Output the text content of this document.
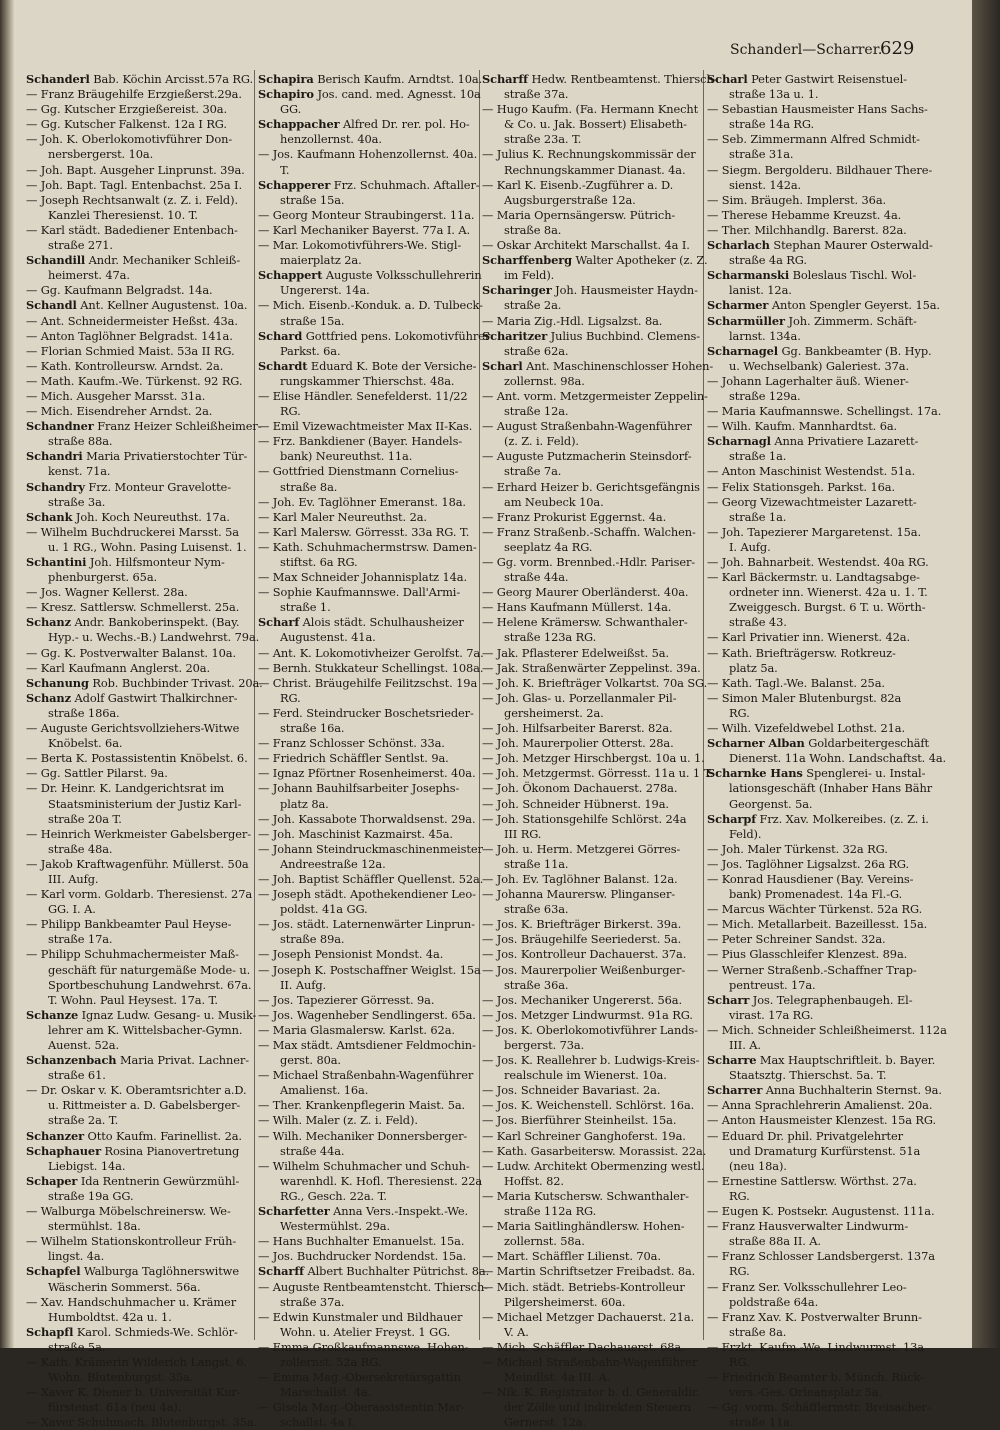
Schanderl—Scharrer.
629
Schanderl Bab. Köchin Arcisst.57a RG.
— Franz Bräugehilfe Erzgießerst.29a.
— Gg. Kutscher Erzgießereist. 30a.
— Gg. Kutscher Falkenst. 12a I RG.
— Joh. K. Oberlokomotivführer Don-
nersbergerst. 10a.
— Joh. Bapt. Ausgeher Linprunst. 39a.
— Joh. Bapt. Tagl. Entenbachst. 25a I.
— Joseph Rechtsanwalt (z. Z. i. Feld).
Kanzlei Theresienst. 10. T.
— Karl städt. Badediener Entenbach-
straße 271.
Schandill Andr. Mechaniker Schleiß-
heimerst. 47a.
— Gg. Kaufmann Belgradst. 14a.
Schandl Ant. Kellner Augustenst. 10a.
— Ant. Schneidermeister Heßst. 43a.
— Anton Taglöhner Belgradst. 141a.
— Florian Schmied Maist. 53a II RG.
— Kath. Kontrolleursw. Arndst. 2a.
— Math. Kaufm.-We. Türkenst. 92 RG.
— Mich. Ausgeher Marsst. 31a.
— Mich. Eisendreher Arndst. 2a.
Schandner Franz Heizer Schleißheimer-
straße 88a.
Schandri Maria Privatierstochter Tür-
kenst. 71a.
Schandry Frz. Monteur Gravelotte-
straße 3a.
Schank Joh. Koch Neureuthst. 17a.
— Wilhelm Buchdruckerei Marsst. 5a
u. 1 RG., Wohn. Pasing Luisenst. 1.
Schantini Joh. Hilfsmonteur Nym-
phenburgerst. 65a.
— Jos. Wagner Kellerst. 28a.
— Kresz. Sattlersw. Schmellerst. 25a.
Schanz Andr. Bankoberinspekt. (Bay.
Hyp.- u. Wechs.-B.) Landwehrst. 79a.
— Gg. K. Postverwalter Balanst. 10a.
— Karl Kaufmann Anglerst. 20a.
Schanung Rob. Buchbinder Trivast. 20a.
Schanz Adolf Gastwirt Thalkirchner-
straße 186a.
— Auguste Gerichtsvollziehers-Witwe
Knöbelst. 6a.
— Berta K. Postassistentin Knöbelst. 6.
— Gg. Sattler Pilarst. 9a.
— Dr. Heinr. K. Landgerichtsrat im
Staatsministerium der Justiz Karl-
straße 20a T.
— Heinrich Werkmeister Gabelsberger-
straße 48a.
— Jakob Kraftwagenführ. Müllerst. 50a
III. Aufg.
— Karl vorm. Goldarb. Theresienst. 27a
GG. I. A.
— Philipp Bankbeamter Paul Heyse-
straße 17a.
— Philipp Schuhmachermeister Maß-
geschäft für naturgemäße Mode- u.
Sportbeschuhung Landwehrst. 67a.
T. Wohn. Paul Heysest. 17a. T.
Schanze Ignaz Ludw. Gesang- u. Musik-
lehrer am K. Wittelsbacher-Gymn.
Auenst. 52a.
Schanzenbach Maria Privat. Lachner-
straße 61.
— Dr. Oskar v. K. Oberamtsrichter a.D.
u. Rittmeister a. D. Gabelsberger-
straße 2a. T.
Schanzer Otto Kaufm. Farinellist. 2a.
Schaphauer Rosina Pianovertretung
Liebigst. 14a.
Schaper Ida Rentnerin Gewürzmühl-
straße 19a GG.
— Walburga Möbelschreinersw. We-
stermühlst. 18a.
— Wilhelm Stationskontrolleur Früh-
lingst. 4a.
Schapfel Walburga Taglöhnerswitwe
Wäscherin Sommerst. 56a.
— Xav. Handschuhmacher u. Krämer
Humboldtst. 42a u. 1.
Schapfl Karol. Schmieds-We. Schlör-
straße 5a.
— Kath. Krämerin Wilderich Langst. 6.
Wohn. Blutenburgst. 35a.
— Xaver K. Diener b. Universität Kur-
fürstenst. 61a (neu 4a).
— Xaver Schuhmach. Blutenburgst. 35a.
Schapira Berisch Kaufm. Arndtst. 10a.
Schapiro Jos. cand. med. Agnesst. 10a
GG.
Schappacher Alfred Dr. rer. pol. Ho-
henzollernst. 40a.
— Jos. Kaufmann Hohenzollernst. 40a.
T.
Schapperer Frz. Schuhmach. Aftaller-
straße 15a.
— Georg Monteur Straubingerst. 11a.
— Karl Mechaniker Bayerst. 77a I. A.
— Mar. Lokomotivführers-We. Stigl-
maierplatz 2a.
Schappert Auguste Volksschullehrerin
Ungererst. 14a.
— Mich. Eisenb.-Konduk. a. D. Tulbeck-
straße 15a.
Schard Gottfried pens. Lokomotivführer
Parkst. 6a.
Schardt Eduard K. Bote der Versiche-
rungskammer Thierschst. 48a.
— Elise Händler. Senefelderst. 11/22
RG.
— Emil Vizewachtmeister Max II-Kas.
— Frz. Bankdiener (Bayer. Handels-
bank) Neureuthst. 11a.
— Gottfried Dienstmann Cornelius-
straße 8a.
— Joh. Ev. Taglöhner Emeranst. 18a.
— Karl Maler Neureuthst. 2a.
— Karl Malersw. Görresst. 33a RG. T.
— Kath. Schuhmachermstrsw. Damen-
stiftst. 6a RG.
— Max Schneider Johannisplatz 14a.
— Sophie Kaufmannswe. Dall'Armi-
straße 1.
Scharf Alois städt. Schulhausheizer
Augustenst. 41a.
— Ant. K. Lokomotivheizer Gerolfst. 7a.
— Bernh. Stukkateur Schellingst. 108a.
— Christ. Bräugehilfe Feilitzschst. 19a
RG.
— Ferd. Steindrucker Boschetsrieder-
straße 16a.
— Franz Schlosser Schönst. 33a.
— Friedrich Schäffler Sentlst. 9a.
— Ignaz Pförtner Rosenheimerst. 40a.
— Johann Bauhilfsarbeiter Josephs-
platz 8a.
— Joh. Kassabote Thorwaldsenst. 29a.
— Joh. Maschinist Kazmairst. 45a.
— Johann Steindruckmaschinenmeister
Andreestraße 12a.
— Joh. Baptist Schäffler Quellenst. 52a.
— Joseph städt. Apothekendiener Leo-
poldst. 41a GG.
— Jos. städt. Laternenwärter Linprun-
straße 89a.
— Joseph Pensionist Mondst. 4a.
— Joseph K. Postschaffner Weiglst. 15a
II. Aufg.
— Jos. Tapezierer Görresst. 9a.
— Jos. Wagenheber Sendlingerst. 65a.
— Maria Glasmalersw. Karlst. 62a.
— Max städt. Amtsdiener Feldmochin-
gerst. 80a.
— Michael Straßenbahn-Wagenführer
Amalienst. 16a.
— Ther. Krankenpflegerin Maist. 5a.
— Wilh. Maler (z. Z. i. Feld).
— Wilh. Mechaniker Donnersberger-
straße 44a.
— Wilhelm Schuhmacher und Schuh-
warenhdl. K. Hofl. Theresienst. 22a
RG., Gesch. 22a. T.
Scharfetter Anna Vers.-Inspekt.-We.
Westermühlst. 29a.
— Hans Buchhalter Emanuelst. 15a.
— Jos. Buchdrucker Nordendst. 15a.
Scharff Albert Buchhalter Pütrichst. 8a.
— Auguste Rentbeamtenstcht. Thiersch-
straße 37a.
— Edwin Kunstmaler und Bildhauer
Wohn. u. Atelier Freyst. 1 GG.
— Emma Großkaufmannswe. Hohen-
zollernst. 52a RG.
— Emma Mag.-Obersekretärsgattin
Marschallst. 4a.
— Gisela Mag.-Oberassistentin Mar-
schallst. 4a I.
Scharff Hedw. Rentbeamtenst. Thiersch-
straße 37a.
— Hugo Kaufm. (Fa. Hermann Knecht
& Co. u. Jak. Bossert) Elisabeth-
straße 23a. T.
— Julius K. Rechnungskommissär der
Rechnungskammer Dianast. 4a.
— Karl K. Eisenb.-Zugführer a. D.
Augsburgerstraße 12a.
— Maria Opernsängersw. Pütrich-
straße 8a.
— Oskar Architekt Marschallst. 4a I.
Scharffenberg Walter Apotheker (z. Z.
im Feld).
Scharinger Joh. Hausmeister Haydn-
straße 2a.
— Maria Zig.-Hdl. Ligsalzst. 8a.
Scharitzer Julius Buchbind. Clemens-
straße 62a.
Scharl Ant. Maschinenschlosser Hohen-
zollernst. 98a.
— Ant. vorm. Metzgermeister Zeppelin-
straße 12a.
— August Straßenbahn-Wagenführer
(z. Z. i. Feld).
— Auguste Putzmacherin Steinsdorf-
straße 7a.
— Erhard Heizer b. Gerichtsgefängnis
am Neubeck 10a.
— Franz Prokurist Eggernst. 4a.
— Franz Straßenb.-Schaffn. Walchen-
seeplatz 4a RG.
— Gg. vorm. Brennbed.-Hdlr. Pariser-
straße 44a.
— Georg Maurer Oberländerst. 40a.
— Hans Kaufmann Müllerst. 14a.
— Helene Krämersw. Schwanthaler-
straße 123a RG.
— Jak. Pflasterer Edelweißst. 5a.
— Jak. Straßenwärter Zeppelinst. 39a.
— Joh. K. Briefträger Volkartst. 70a SG.
— Joh. Glas- u. Porzellanmaler Pil-
gersheimerst. 2a.
— Joh. Hilfsarbeiter Barerst. 82a.
— Joh. Maurerpolier Otterst. 28a.
— Joh. Metzger Hirschbergst. 10a u. 1.
— Joh. Metzgermst. Görresst. 11a u. 1 T.
— Joh. Ökonom Dachauerst. 278a.
— Joh. Schneider Hübnerst. 19a.
— Joh. Stationsgehilfe Schlörst. 24a
III RG.
— Joh. u. Herm. Metzgerei Görres-
straße 11a.
— Joh. Ev. Taglöhner Balanst. 12a.
— Johanna Maurersw. Plinganser-
straße 63a.
— Jos. K. Briefträger Birkerst. 39a.
— Jos. Bräugehilfe Seeriederst. 5a.
— Jos. Kontrolleur Dachauerst. 37a.
— Jos. Maurerpolier Weißenburger-
straße 36a.
— Jos. Mechaniker Ungererst. 56a.
— Jos. Metzger Lindwurmst. 91a RG.
— Jos. K. Oberlokomotivführer Lands-
bergerst. 73a.
— Jos. K. Reallehrer b. Ludwigs-Kreis-
realschule im Wienerst. 10a.
— Jos. Schneider Bavariast. 2a.
— Jos. K. Weichenstell. Schlörst. 16a.
— Jos. Bierführer Steinheilst. 15a.
— Karl Schreiner Ganghoferst. 19a.
— Kath. Gasarbeitersw. Morassist. 22a.
— Ludw. Architekt Obermenzing westl.
Hoffst. 82.
— Maria Kutschersw. Schwanthaler-
straße 112a RG.
— Maria Saitlinghändlersw. Hohen-
zollernst. 58a.
— Mart. Schäffler Lilienst. 70a.
— Martin Schriftsetzer Freibadst. 8a.
— Mich. städt. Betriebs-Kontrolleur
Pilgersheimerst. 60a.
— Michael Metzger Dachauerst. 21a.
V. A.
— Mich. Schäffler Dachauerst. 68a.
— Michael Straßenbahn-Wagenführer
Meindlst. 4a III. A.
— Nik. K. Registrator b. d. Generaldir.
der Zölle und indirekten Steuern
Gernerst. 12a.
Scharl Peter Gastwirt Reisenstuel-
straße 13a u. 1.
— Sebastian Hausmeister Hans Sachs-
straße 14a RG.
— Seb. Zimmermann Alfred Schmidt-
straße 31a.
— Siegm. Bergolderu. Bildhauer There-
sienst. 142a.
— Sim. Bräugeh. Implerst. 36a.
— Therese Hebamme Kreuzst. 4a.
— Ther. Milchhandlg. Barerst. 82a.
Scharlach Stephan Maurer Osterwald-
straße 4a RG.
Scharmanski Boleslaus Tischl. Wol-
lanist. 12a.
Scharmer Anton Spengler Geyerst. 15a.
Scharmüller Joh. Zimmerm. Schäft-
larnst. 134a.
Scharnagel Gg. Bankbeamter (B. Hyp.
u. Wechselbank) Galeriest. 37a.
— Johann Lagerhalter äuß. Wiener-
straße 129a.
— Maria Kaufmannswe. Schellingst. 17a.
— Wilh. Kaufm. Mannhardtst. 6a.
Scharnagl Anna Privatiere Lazarett-
straße 1a.
— Anton Maschinist Westendst. 51a.
— Felix Stationsgeh. Parkst. 16a.
— Georg Vizewachtmeister Lazarett-
straße 1a.
— Joh. Tapezierer Margaretenst. 15a.
I. Aufg.
— Joh. Bahnarbeit. Westendst. 40a RG.
— Karl Bäckermstr. u. Landtagsabge-
ordneter inn. Wienerst. 42a u. 1. T.
Zweiggesch. Burgst. 6 T. u. Wörth-
straße 43.
— Karl Privatier inn. Wienerst. 42a.
— Kath. Briefträgersw. Rotkreuz-
platz 5a.
— Kath. Tagl.-We. Balanst. 25a.
— Simon Maler Blutenburgst. 82a
RG.
— Wilh. Vizefeldwebel Lothst. 21a.
Scharner Alban Goldarbeitergeschäft
Dienerst. 11a Wohn. Landschaftst. 4a.
Scharnke Hans Spenglerei- u. Instal-
lationsgeschäft (Inhaber Hans Bähr
Georgenst. 5a.
Scharpf Frz. Xav. Molkereibes. (z. Z. i.
Feld).
— Joh. Maler Türkenst. 32a RG.
— Jos. Taglöhner Ligsalzst. 26a RG.
— Konrad Hausdiener (Bay. Vereins-
bank) Promenadest. 14a Fl.-G.
— Marcus Wächter Türkenst. 52a RG.
— Mich. Metallarbeit. Bazeillesst. 15a.
— Peter Schreiner Sandst. 32a.
— Pius Glasschleifer Klenzest. 89a.
— Werner Straßenb.-Schaffner Trap-
pentreust. 17a.
Scharr Jos. Telegraphenbaugeh. El-
virast. 17a RG.
— Mich. Schneider Schleißheimerst. 112a
III. A.
Scharre Max Hauptschriftleit. b. Bayer.
Staatsztg. Thierschst. 5a. T.
Scharrer Anna Buchhalterin Sternst. 9a.
— Anna Sprachlehrerin Amalienst. 20a.
— Anton Hausmeister Klenzest. 15a RG.
— Eduard Dr. phil. Privatgelehrter
und Dramaturg Kurfürstenst. 51a
(neu 18a).
— Ernestine Sattlersw. Wörthst. 27a.
RG.
— Eugen K. Postsekr. Augustenst. 111a.
— Franz Hausverwalter Lindwurm-
straße 88a II. A.
— Franz Schlosser Landsbergerst. 137a
RG.
— Franz Ser. Volksschullehrer Leo-
poldstraße 64a.
— Franz Xav. K. Postverwalter Brunn-
straße 8a.
— Frzkt. Kaufm.-We. Lindwurmst. 13a
RG.
— Friedrich Beamter b. Münch. Rück-
vers.-Ges. Orleansplatz 5a.
— Gg. vorm. Schäfflermstr. Breisacher-
straße 11a.
